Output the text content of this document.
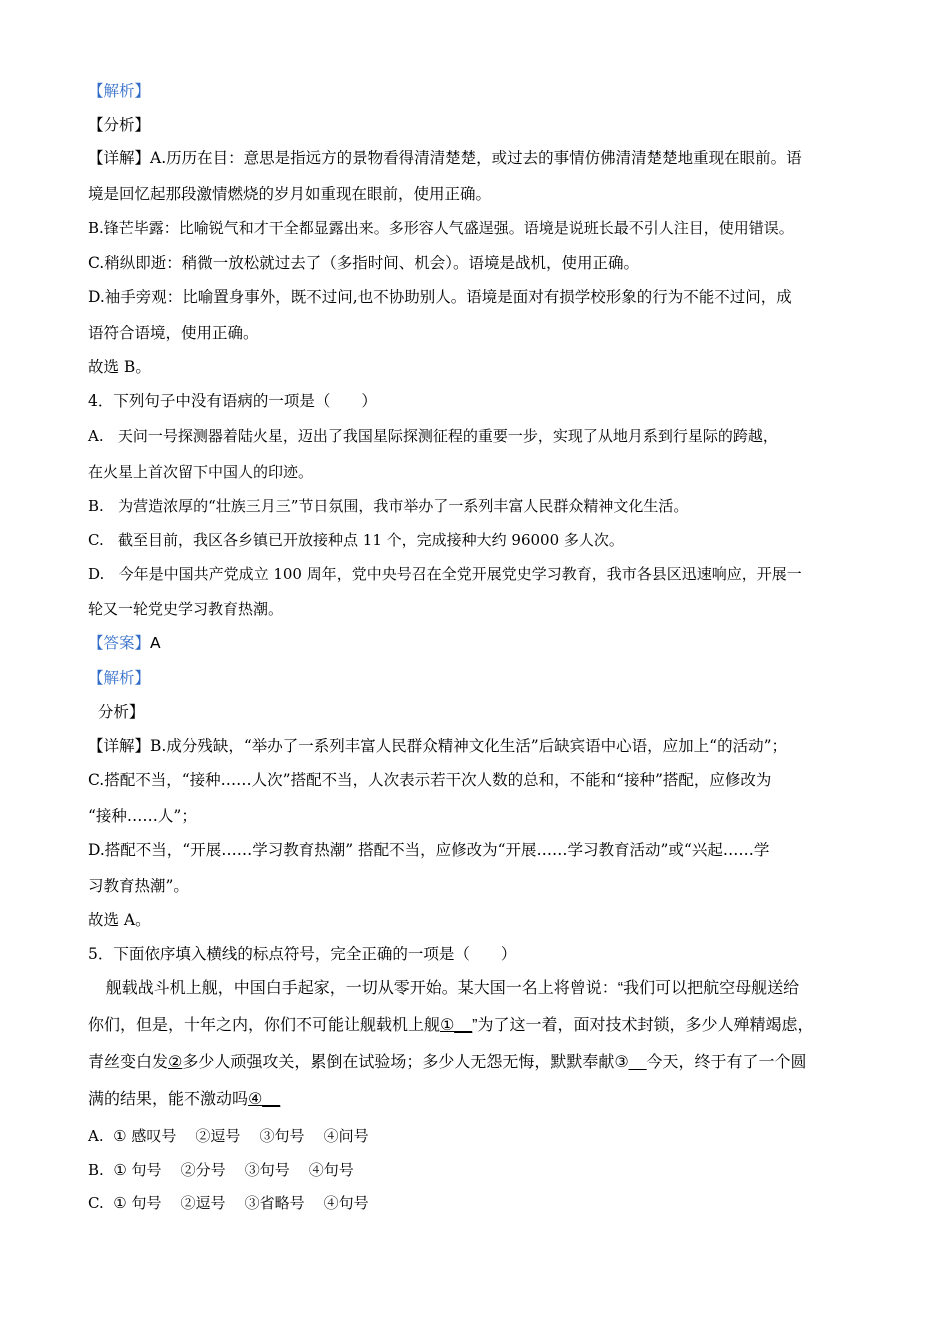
【解析】
【分析】
【详解】A.历历在目：意思是指远方的景物看得清清楚楚，或过去的事情仿佛清清楚楚地重现在眼前。语
境是回忆起那段激情燃烧的岁月如重现在眼前，使用正确。
B.锋芒毕露：比喻锐气和才干全都显露出来。多形容人气盛逞强。语境是说班长最不引人注目，使用错误。
C.稍纵即逝：稍微一放松就过去了（多指时间、机会）。语境是战机，使用正确。
D.袖手旁观：比喻置身事外，既不过问,也不协助别人。语境是面对有损学校形象的行为不能不过问，成
语符合语境，使用正确。
故选 B。
4．下列句子中没有语病的一项是（　　）
A.   天问一号探测器着陆火星，迈出了我国星际探测征程的重要一步，实现了从地月系到行星际的跨越，
在火星上首次留下中国人的印迹。
B.   为营造浓厚的“壮族三月三”节日氛围，我市举办了一系列丰富人民群众精神文化生活。
C.   截至目前，我区各乡镇已开放接种点 11 个，完成接种大约 96000 多人次。
D.   今年是中国共产党成立 100 周年，党中央号召在全党开展党史学习教育，我市各县区迅速响应，开展一
轮又一轮党史学习教育热潮。
【答案】A
【解析】
分析】
【详解】B.成分残缺，“举办了一系列丰富人民群众精神文化生活”后缺宾语中心语，应加上“的活动”；
C.搭配不当，“接种……人次”搭配不当，人次表示若干次人数的总和，不能和“接种”搭配，应修改为
“接种……人”；
D.搭配不当，“开展……学习教育热潮” 搭配不当，应修改为“开展……学习教育活动”或“兴起……学
习教育热潮”。
故选 A。
5．下面依序填入横线的标点符号，完全正确的一项是（　　）
舰载战斗机上舰，中国白手起家，一切从零开始。某大国一名上将曾说：“我们可以把航空母舰送给
你们，但是，十年之内，你们不可能让舰载机上舰①__”为了这一着，面对技术封锁，多少人殚精竭虑，
青丝变白发②多少人顽强攻关，累倒在试验场；多少人无怨无悔，默默奉献③__今天，终于有了一个圆
满的结果，能不激动吗④__
A.  ① 感叹号    ②逗号    ③句号    ④问号
B.  ① 句号    ②分号    ③句号    ④句号
C.  ① 句号    ②逗号    ③省略号    ④句号
